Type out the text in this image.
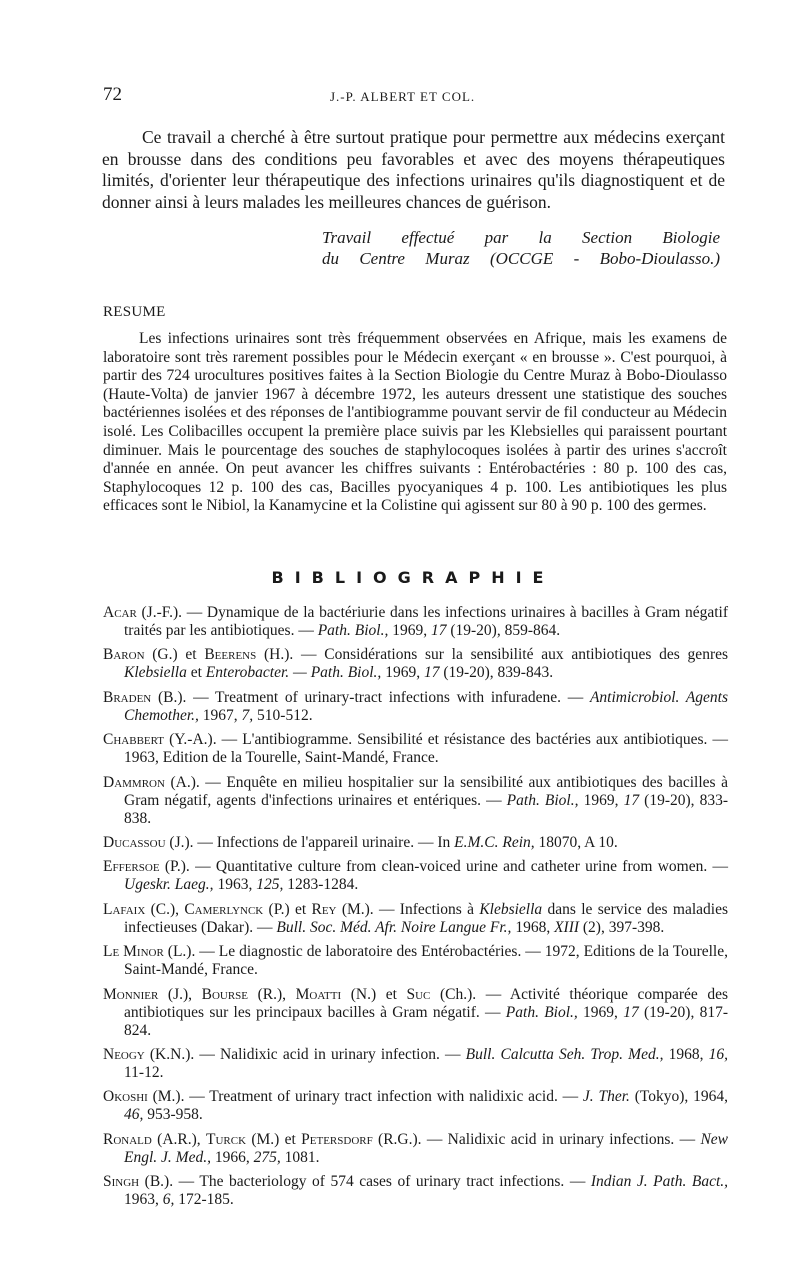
72	J.-P. ALBERT ET COL.
Ce travail a cherché à être surtout pratique pour permettre aux médecins exerçant en brousse dans des conditions peu favorables et avec des moyens thérapeutiques limités, d'orienter leur thérapeutique des infections urinaires qu'ils diagnostiquent et de donner ainsi à leurs malades les meilleures chances de guérison.
Travail effectué par la Section Biologie
du Centre Muraz (OCCGE - Bobo-Dioulasso.)
RESUME
Les infections urinaires sont très fréquemment observées en Afrique, mais les examens de laboratoire sont très rarement possibles pour le Médecin exerçant « en brousse ». C'est pourquoi, à partir des 724 urocultures positives faites à la Section Biologie du Centre Muraz à Bobo-Dioulasso (Haute-Volta) de janvier 1967 à décembre 1972, les auteurs dressent une statistique des souches bactériennes isolées et des réponses de l'antibiogramme pouvant servir de fil conducteur au Médecin isolé. Les Colibacilles occupent la première place suivis par les Klebsielles qui paraissent pourtant diminuer. Mais le pourcentage des souches de staphylocoques isolées à partir des urines s'accroît d'année en année. On peut avancer les chiffres suivants : Entérobactéries : 80 p. 100 des cas, Staphylocoques 12 p. 100 des cas, Bacilles pyocyaniques 4 p. 100. Les antibiotiques les plus efficaces sont le Nibiol, la Kanamycine et la Colistine qui agissent sur 80 à 90 p. 100 des germes.
BIBLIOGRAPHIE
Acar (J.-F.). — Dynamique de la bactériurie dans les infections urinaires à bacilles à Gram négatif traités par les antibiotiques. — Path. Biol., 1969, 17 (19-20), 859-864.
Baron (G.) et Beerens (H.). — Considérations sur la sensibilité aux antibiotiques des genres Klebsiella et Enterobacter. — Path. Biol., 1969, 17 (19-20), 839-843.
Braden (B.). — Treatment of urinary-tract infections with infuradene. — Antimicrobiol. Agents Chemother., 1967, 7, 510-512.
Chabbert (Y.-A.). — L'antibiogramme. Sensibilité et résistance des bactéries aux antibiotiques. — 1963, Edition de la Tourelle, Saint-Mandé, France.
Dammron (A.). — Enquête en milieu hospitalier sur la sensibilité aux antibiotiques des bacilles à Gram négatif, agents d'infections urinaires et entériques. — Path. Biol., 1969, 17 (19-20), 833-838.
Ducassou (J.). — Infections de l'appareil urinaire. — In E.M.C. Rein, 18070, A 10.
Effersoe (P.). — Quantitative culture from clean-voiced urine and catheter urine from women. — Ugeskr. Laeg., 1963, 125, 1283-1284.
Lafaix (C.), Camerlynck (P.) et Rey (M.). — Infections à Klebsiella dans le service des maladies infectieuses (Dakar). — Bull. Soc. Méd. Afr. Noire Langue Fr., 1968, XIII (2), 397-398.
Le Minor (L.). — Le diagnostic de laboratoire des Entérobactéries. — 1972, Editions de la Tourelle, Saint-Mandé, France.
Monnier (J.), Bourse (R.), Moatti (N.) et Suc (Ch.). — Activité théorique comparée des antibiotiques sur les principaux bacilles à Gram négatif. — Path. Biol., 1969, 17 (19-20), 817-824.
Neogy (K.N.). — Nalidixic acid in urinary infection. — Bull. Calcutta Seh. Trop. Med., 1968, 16, 11-12.
Okoshi (M.). — Treatment of urinary tract infection with nalidixic acid. — J. Ther. (Tokyo), 1964, 46, 953-958.
Ronald (A.R.), Turck (M.) et Petersdorf (R.G.). — Nalidixic acid in urinary infections. — New Engl. J. Med., 1966, 275, 1081.
Singh (B.). — The bacteriology of 574 cases of urinary tract infections. — Indian J. Path. Bact., 1963, 6, 172-185.
